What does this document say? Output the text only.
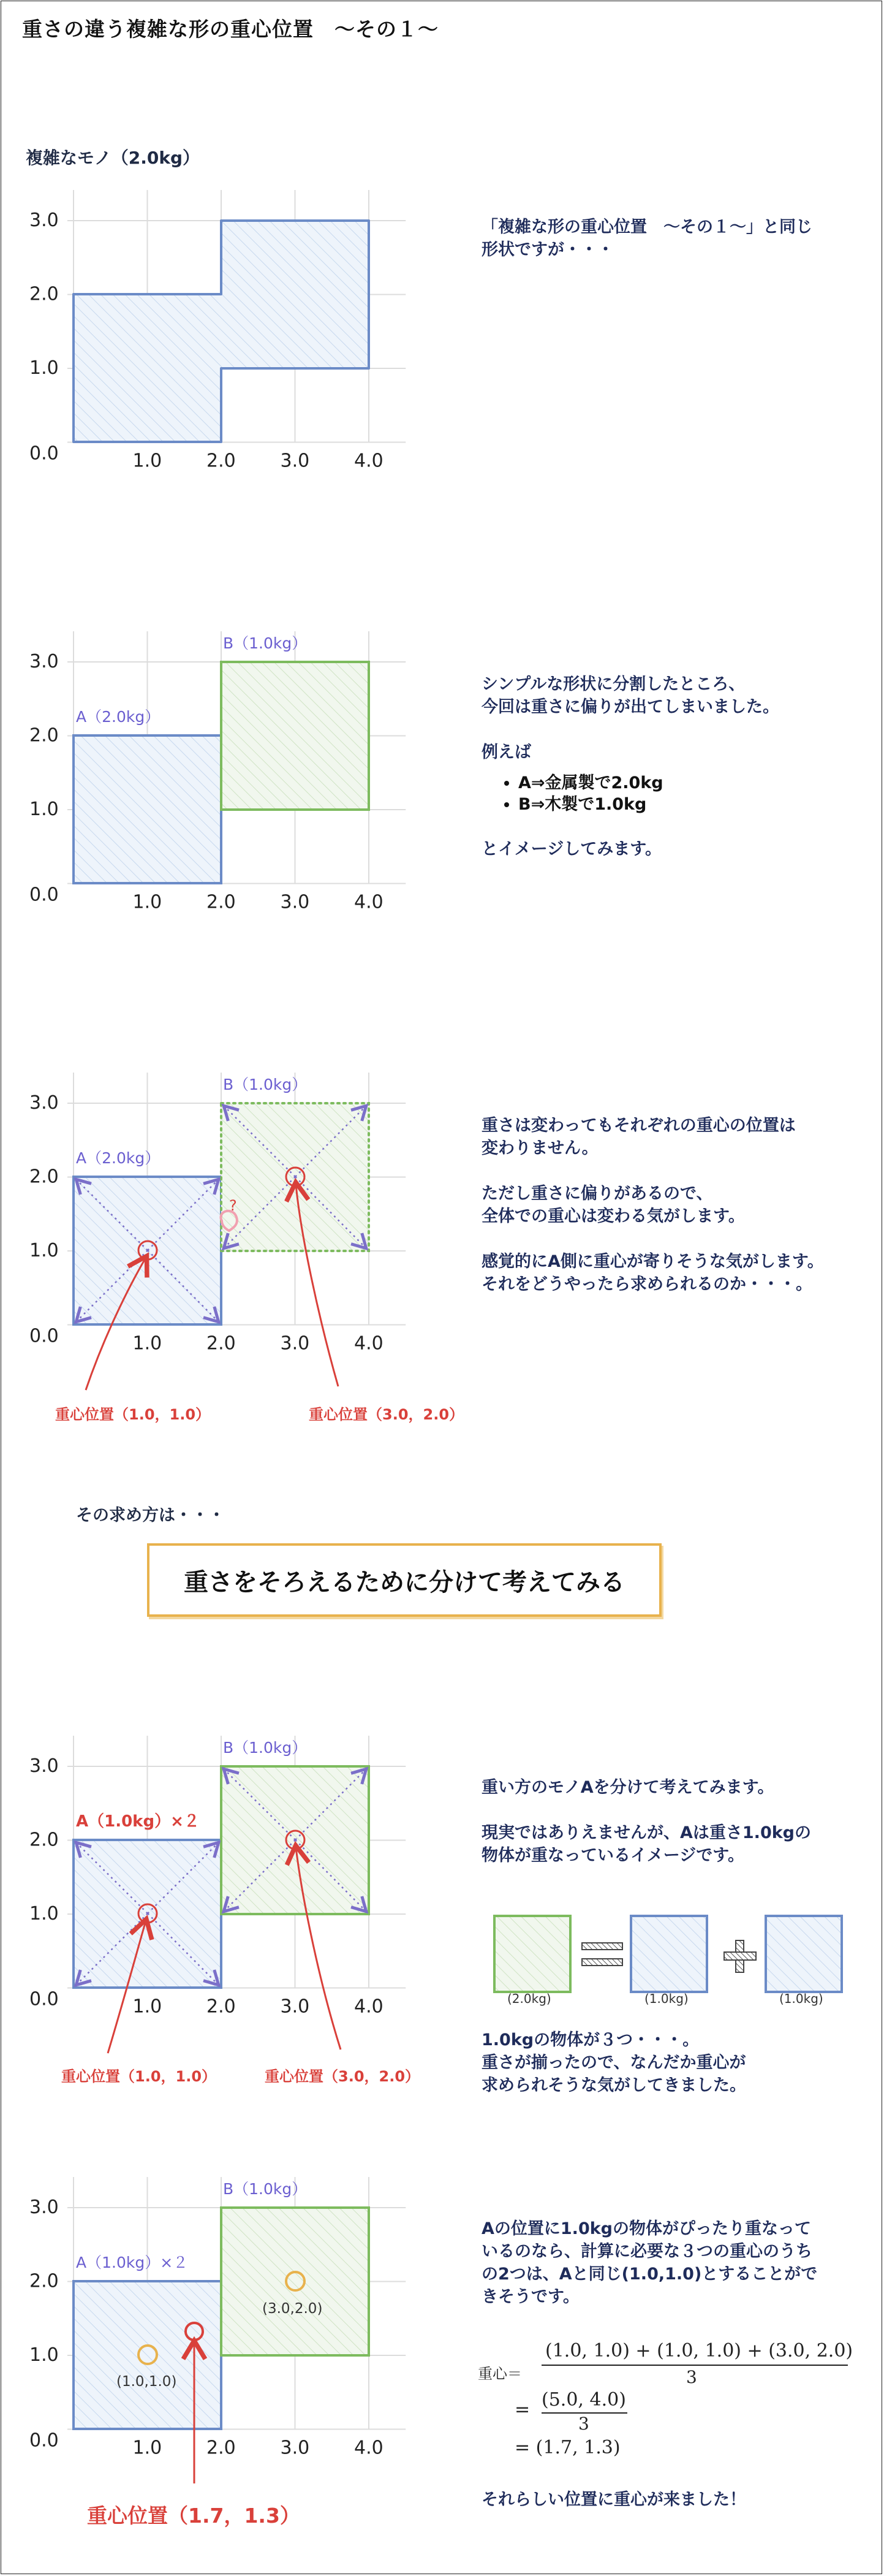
重さの違う複雑な形の重心位置　～その１～
複雑なモノ（2.0kg）
0.0
1.0
2.0
3.0
1.0 2.0 3.0 4.0

「複雑な形の重心位置　～その１～」と同じ
形状ですが・・・

0.0
1.0
2.0
3.0
1.0 2.0 3.0 4.0
A（2.0kg）
B（1.0kg）

シンプルな形状に分割したところ、
今回は重さに偏りが出てしまいました。

例えば

• A⇒金属製で2.0kg
• B⇒木製で1.0kg

とイメージしてみます。

0.0
1.0
2.0
3.0
1.0 2.0 3.0 4.0
?
A（2.0kg）
B（1.0kg）
重心位置（1.0，1.0）	重心位置（3.0，2.0）

重さは変わってもそれぞれの重心の位置は
変わりません。

ただし重さに偏りがあるので、
全体での重心は変わる気がします。

感覚的にA側に重心が寄りそうな気がします。
それをどうやったら求められるのか・・・。

その求め方は・・・
重さをそろえるために分けて考えてみる
0.0
1.0
2.0
3.0
1.0 2.0 3.0 4.0
A（1.0kg）×２
B（1.0kg）
重心位置（1.0，1.0）	重心位置（3.0，2.0）
(2.0kg)	(1.0kg)	(1.0kg)

重い方のモノAを分けて考えてみます。

現実ではありえませんが、Aは重さ1.0kgの
物体が重なっているイメージです。

1.0kgの物体が３つ・・・。
重さが揃ったので、なんだか重心が
求められそうな気がしてきました。

0.0
1.0
2.0
3.0
1.0 2.0 3.0 4.0
A（1.0kg）×２
B（1.0kg）
(1.0,1.0)
(3.0,2.0)
重心位置（1.7，1.3）

Aの位置に1.0kgの物体がぴったり重なって
いるのなら、計算に必要な３つの重心のうち
の2つは、Aと同じ(1.0,1.0)とすることがで
きそうです。

重心＝
(1.0, 1.0) + (1.0, 1.0) + (3.0, 2.0)
3
= (5.0, 4.0)
3
= (1.7, 1.3)
それらしい位置に重心が来ました！
